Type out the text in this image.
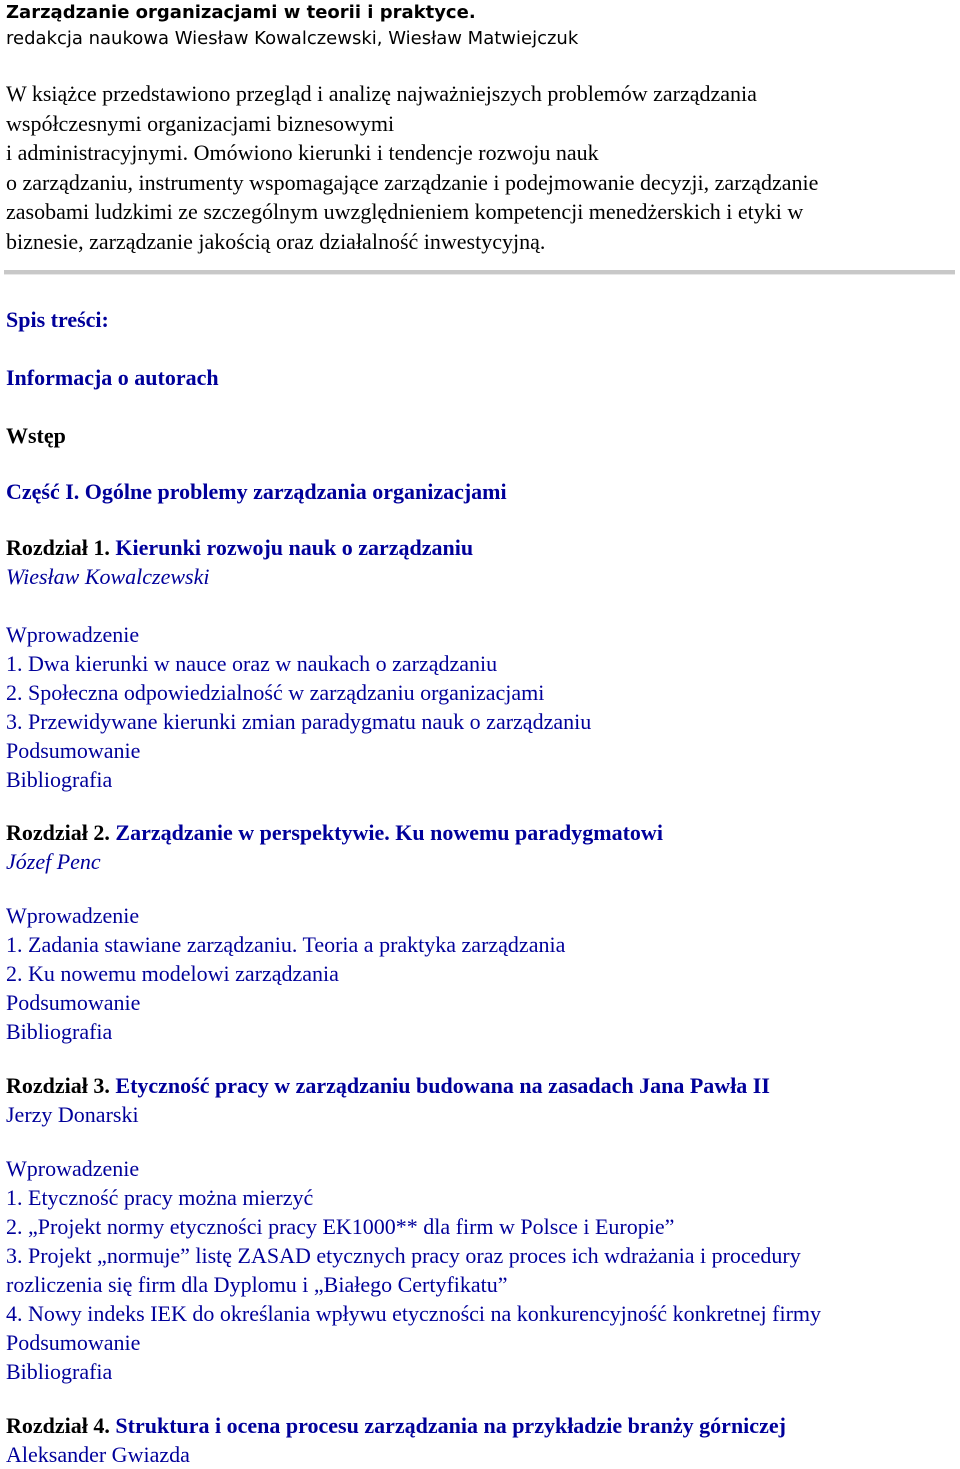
Zarządzanie organizacjami w teorii i praktyce.
redakcja naukowa Wiesław Kowalczewski, Wiesław Matwiejczuk
W książce przedstawiono przegląd i analizę najważniejszych problemów zarządzania
współczesnymi organizacjami biznesowymi
i administracyjnymi. Omówiono kierunki i tendencje rozwoju nauk
o zarządzaniu, instrumenty wspomagające zarządzanie i podejmowanie decyzji, zarządzanie
zasobami ludzkimi ze szczególnym uwzględnieniem kompetencji menedżerskich i etyki w
biznesie, zarządzanie jakością oraz działalność inwestycyjną.
Spis treści:
Informacja o autorach
Wstęp
Część I. Ogólne problemy zarządzania organizacjami
Rozdział 1. Kierunki rozwoju nauk o zarządzaniu
Wiesław Kowalczewski
Wprowadzenie
1. Dwa kierunki w nauce oraz w naukach o zarządzaniu
2. Społeczna odpowiedzialność w zarządzaniu organizacjami
3. Przewidywane kierunki zmian paradygmatu nauk o zarządzaniu
Podsumowanie
Bibliografia
Rozdział 2. Zarządzanie w perspektywie. Ku nowemu paradygmatowi
Józef Penc
Wprowadzenie
1. Zadania stawiane zarządzaniu. Teoria a praktyka zarządzania
2. Ku nowemu modelowi zarządzania
Podsumowanie
Bibliografia
Rozdział 3. Etyczność pracy w zarządzaniu budowana na zasadach Jana Pawła II
Jerzy Donarski
Wprowadzenie
1. Etyczność pracy można mierzyć
2. „Projekt normy etyczności pracy EK1000** dla firm w Polsce i Europie”
3. Projekt „normuje” listę ZASAD etycznych pracy oraz proces ich wdrażania i procedury
rozliczenia się firm dla Dyplomu i „Białego Certyfikatu”
4. Nowy indeks IEK do określania wpływu etyczności na konkurencyjność konkretnej firmy
Podsumowanie
Bibliografia
Rozdział 4. Struktura i ocena procesu zarządzania na przykładzie branży górniczej
Aleksander Gwiazda
